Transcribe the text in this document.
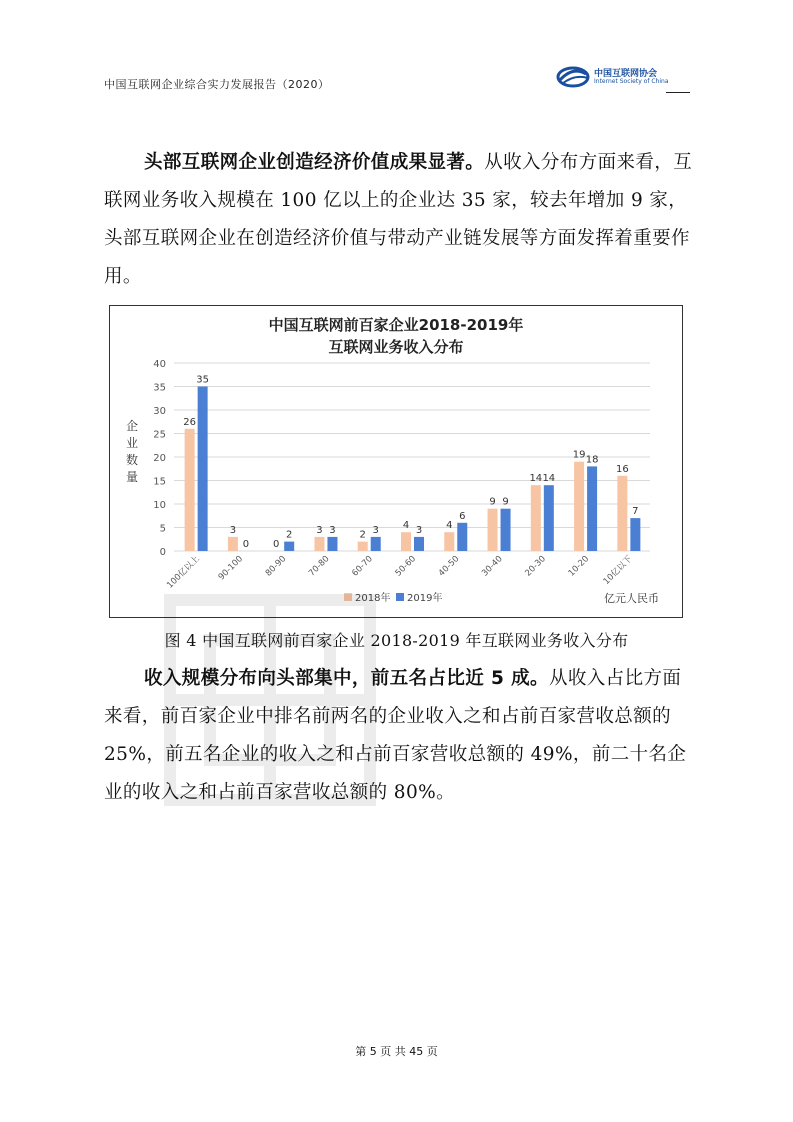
中国互联网企业综合实力发展报告（2020）
中国互联网协会
Internet Society of China
头部互联网企业创造经济价值成果显著。从收入分布方面来看，互联网业务收入规模在 100 亿以上的企业达 35 家，较去年增加 9 家，头部互联网企业在创造经济价值与带动产业链发展等方面发挥着重要作用。
中国互联网前百家企业2018-2019年
互联网业务收入分布
0
5
10
15
20
25
30
35
40
企
业
数
量
26
3
0
3	2
4	4
9
14
19
16
35
0
2	3	3	3
6
9
14
18
7
100亿以上 90-100 80-90 70-80 60-70 50-60 40-50 30-40 20-30 10-20 10亿以下
2018年 2019年	亿元人民币
图 4 中国互联网前百家企业 2018-2019 年互联网业务收入分布
收入规模分布向头部集中，前五名占比近 5 成。从收入占比方面来看，前百家企业中排名前两名的企业收入之和占前百家营收总额的 25%，前五名企业的收入之和占前百家营收总额的 49%，前二十名企业的收入之和占前百家营收总额的 80%。
第 5 页 共 45 页
